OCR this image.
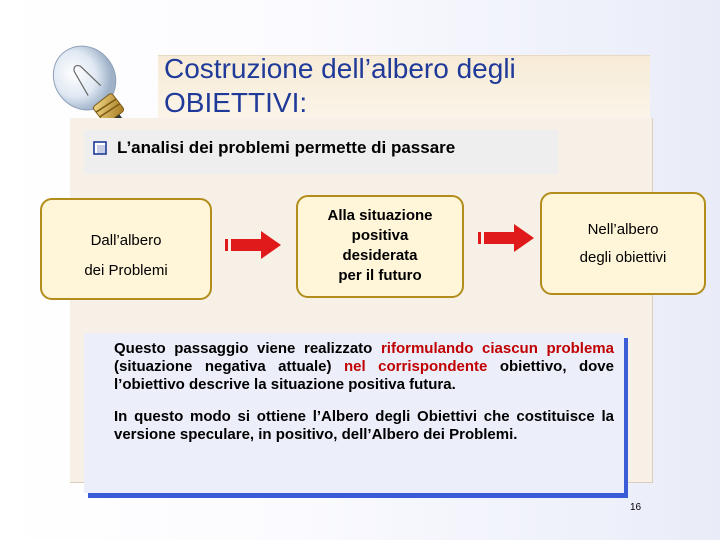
Costruzione dell’albero degli OBIETTIVI:
L’analisi dei problemi permette di passare
Dall’albero
dei Problemi
Alla situazione
positiva
desiderata
per il futuro
Nell’albero
degli obiettivi

Questo passaggio viene realizzato riformulando ciascun problema (situazione negativa attuale) nel corrispondente obiettivo, dove l’obiettivo descrive la situazione positiva futura.

In questo modo si ottiene l’Albero degli Obiettivi che costituisce la versione speculare, in positivo, dell’Albero dei Problemi.

16
